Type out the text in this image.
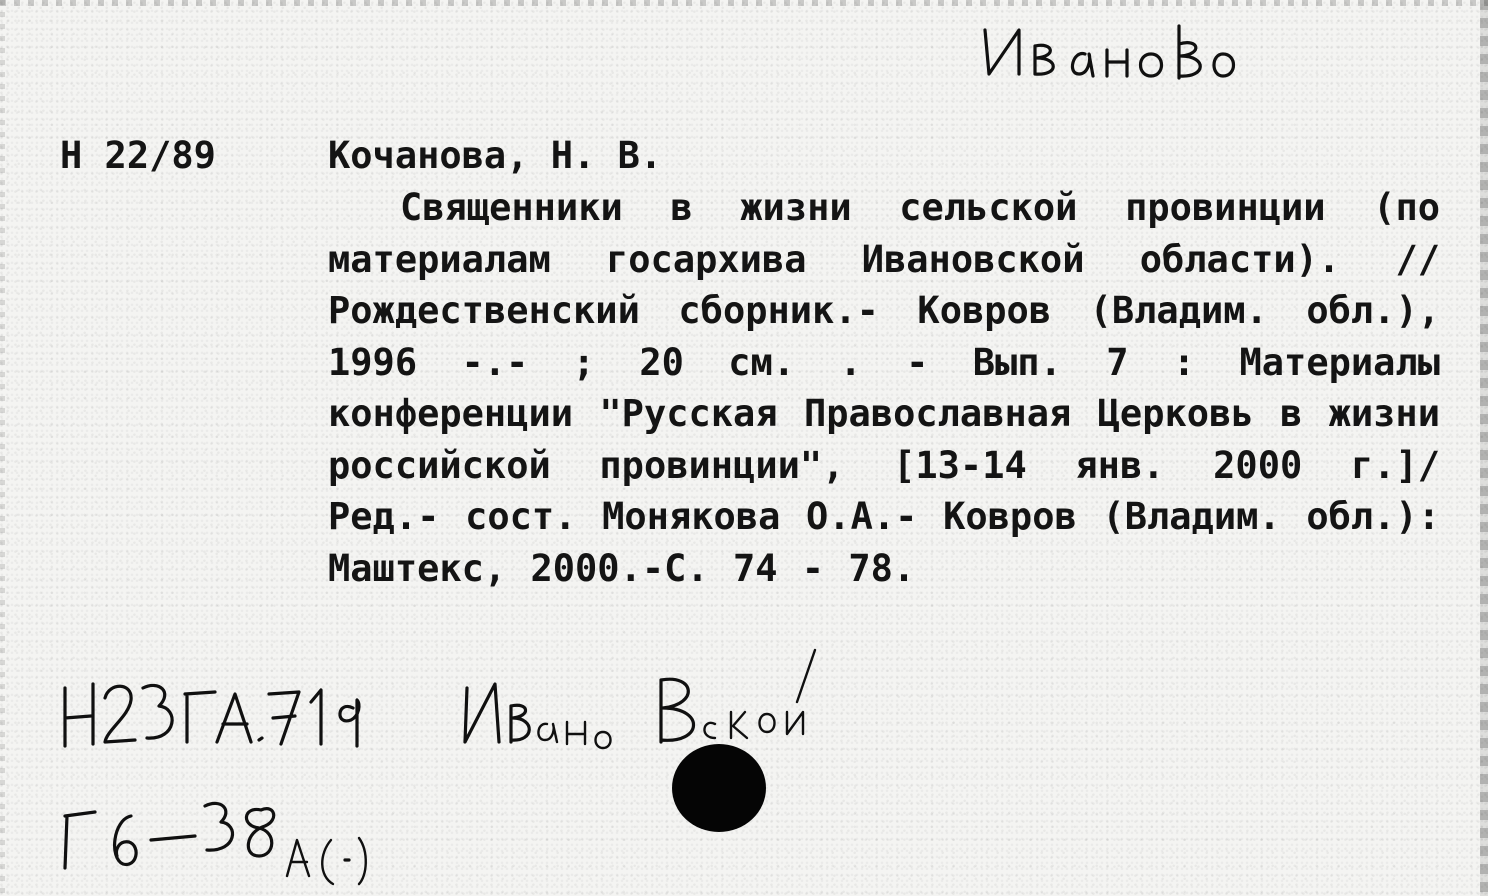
Н 22/89	Кочанова, Н. В.

Священники в жизни сельской провинции (по материалам госархива Ивановской области). // Рождественский сборник.- Ковров (Владим. обл.), 1996 -.- ; 20 см. . - Вып. 7 : Материалы конференции "Русская Православная Церковь в жизни российской провинции", [13-14 янв. 2000 г.]/ Ред.- сост. Монякова О.А.- Ковров (Владим. обл.): Маштекс, 2000.-С. 74 - 78.
